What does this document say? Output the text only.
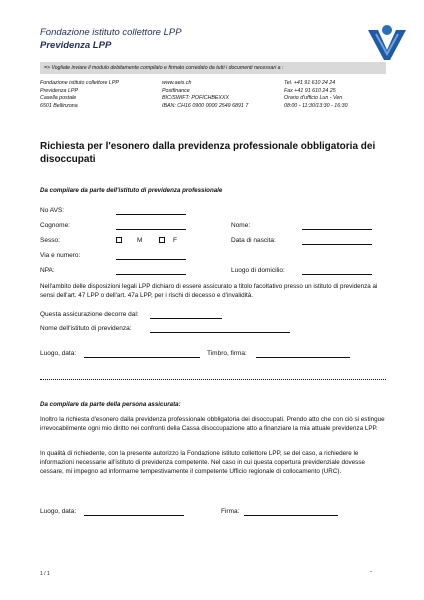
Fondazione istituto collettore LPP
Previdenza LPP
=> Vogliate inviare il modulo debitamente compilato e firmato corredato da tutti i documenti necessari a :
Fondazione istituto collettore LPP
Previdenza LPP
Casella postale
6501 Bellinzona
www.aeis.ch
Postfinance
BIC/SWIFT: POFICHBEXXX
IBAN: CH16 0900 0000 2549 6891 7
Tel. +41 91 610 24 24
Fax +41 91 610 24 25
Orario d'ufficio Lun - Ven
08:00 - 11:30/13:30 - 16:30
Richiesta per l'esonero dalla previdenza professionale obbligatoria dei disoccupati
Da compilare da parte dell'istituto di previdenza professionale
No AVS:
Cognome:	Nome:
Sesso:	M	F	Data di nascita:
Via e numero:
NPA:	Luogo di domicilio:
Nell'ambito delle disposizioni legali LPP dichiaro di essere assicurato a titolo facoltativo presso un istituto di previdenza ai sensi dell'art. 47 LPP o dell'art. 47a LPP, per i rischi di decesso e d'invalidità.
Questa assicurazione decorre dal:
Nome dell'istituto di previdenza:
Luogo, data:	Timbro, firma:
Da compilare da parte della persona assicurata:
Inoltro la richiesta d'esonero dalla previdenza professionale obbligatoria dei disoccupati. Prendo atto che con ciò si estingue irrevocabilmente ogni mio diritto nei confronti della Cassa disoccupazione atto a finanziare la mia attuale previdenza LPP.
In qualità di richiedente, con la presente autorizzo la Fondazione istituto collettore LPP, se del caso, a richiedere le informazioni necessarie all'istituto di previdenza competente. Nel caso in cui questa copertura previdenziale dovesse cessare, mi impegno ad informarne tempestivamente il competente Ufficio regionale di collocamento (URC).
Luogo, data:	Firma:
1 / 1	-
